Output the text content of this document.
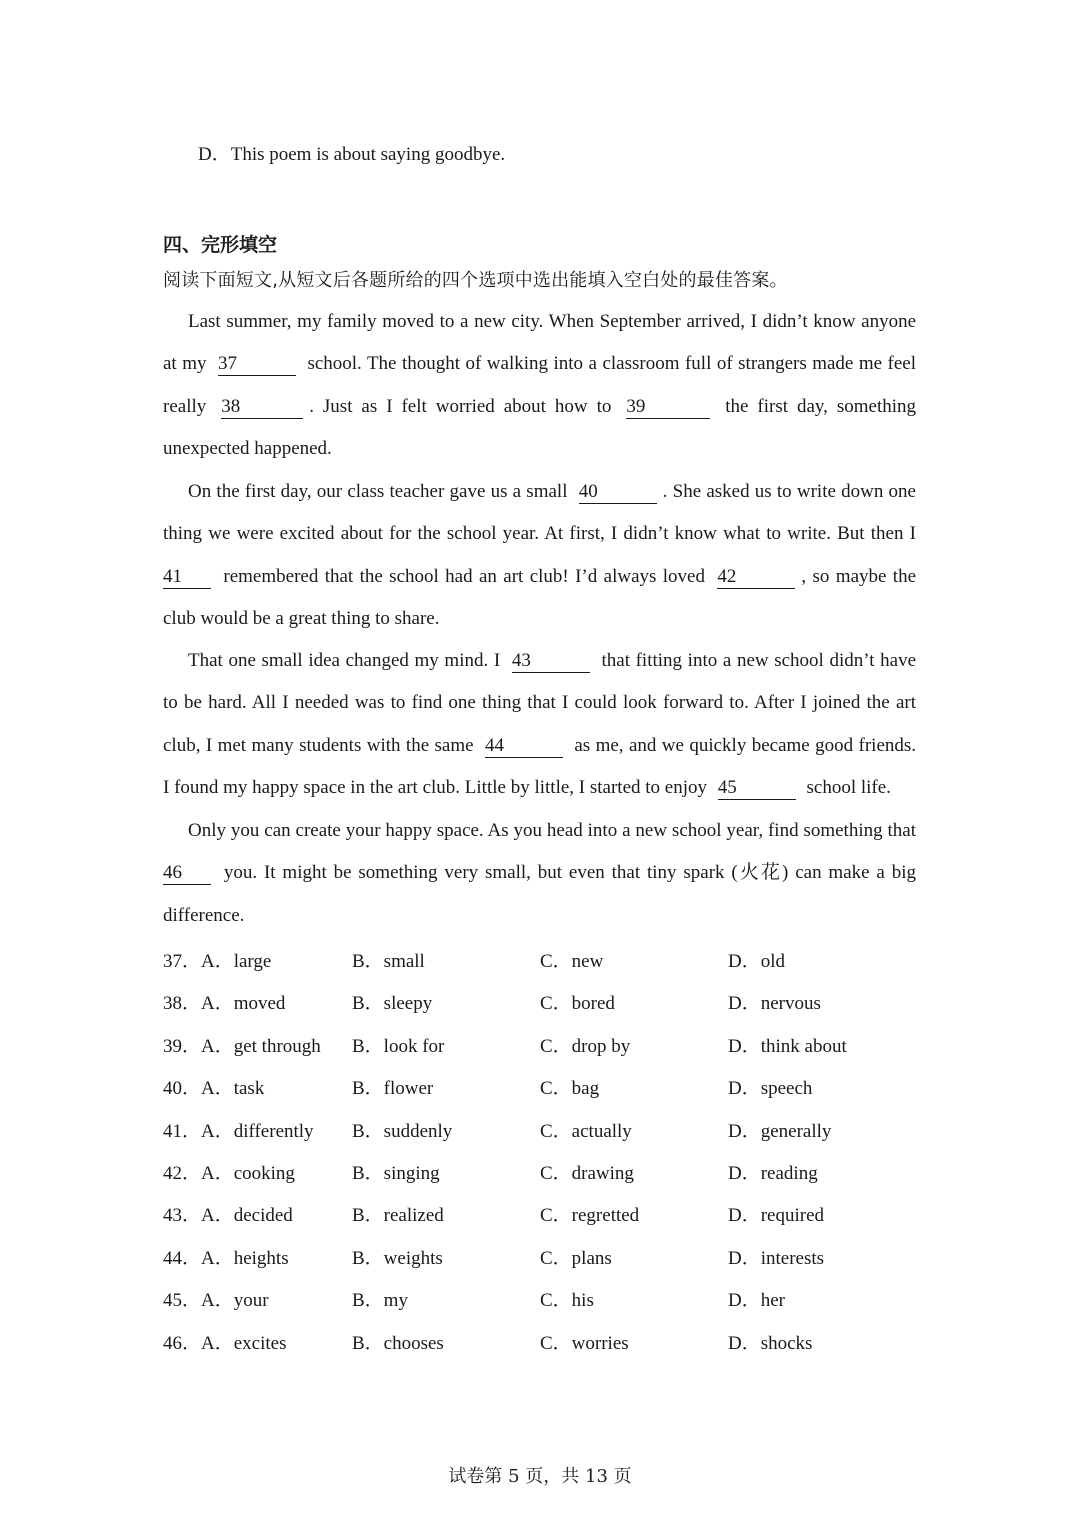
D．This poem is about saying goodbye.
四、完形填空
阅读下面短文,从短文后各题所给的四个选项中选出能填入空白处的最佳答案。
Last summer, my family moved to a new city. When September arrived, I didn’t know anyone at my 37	school. The thought of walking into a classroom full of strangers made me feel really 38	. Just as I felt worried about how to 39	the first day, something unexpected happened.
On the first day, our class teacher gave us a small 40	. She asked us to write down one thing we were excited about for the school year. At first, I didn’t know what to write. But then I 41 remembered that the school had an art club! I’d always loved 42	, so maybe the club would be a great thing to share.
That one small idea changed my mind. I 43	that fitting into a new school didn’t have to be hard. All I needed was to find one thing that I could look forward to. After I joined the art club, I met many students with the same 44	as me, and we quickly became good friends. I found my happy space in the art club. Little by little, I started to enjoy 45	school life.
Only you can create your happy space. As you head into a new school year, find something that 46 you. It might be something very small, but even that tiny spark (火花) can make a big difference.
37． A．large	B．small	C．new	D．old
38． A．moved	B．sleepy	C．bored	D．nervous
39． A．get through B．look for	C．drop by	D．think about
40． A．task	B．flower	C．bag	D．speech
41． A．differently B．suddenly	C．actually	D．generally
42． A．cooking	B．singing	C．drawing	D．reading
43． A．decided	B．realized	C．regretted	D．required
44． A．heights	B．weights	C．plans	D．interests
45． A．your	B．my	C．his	D．her
46． A．excites	B．chooses	C．worries	D．shocks
试卷第 5 页，共 13 页
